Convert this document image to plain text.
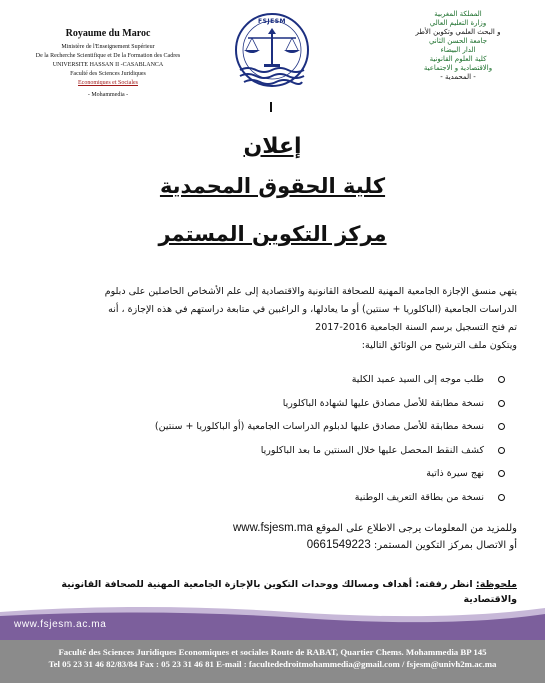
Royaume du Maroc
Ministère de l'Enseignement Supérieur
De la Recherche Scientifique et De la Formation des Cadres
UNIVERSITE HASSAN II -CASABLANCA
Faculté des Sciences Juridiques
Economiques et Sociales
- Mohammedia -
المملكة المغربية
وزارة التعليم العالي
و البحث العلمي وتكوين الأطر
جامعة الحسن الثاني
الدار البيضاء
كلية العلوم القانونية
والاقتصادية و الاجتماعية
- المحمدية -
FSJESM
إعلان
كلية الحقوق المحمدية
مركز التكوين المستمر
يتهي منسق الإجازة الجامعية المهنية للصحافة القانونية والاقتصادية إلى علم الأشخاص الحاصلين على دبلوم
الدراسات الجامعية (الباكلوريا + سنتين) أو ما يعادلها، و الراغبين في متابعة دراستهم في هذه الإجازة ، أنه
تم فتح التسجيل برسم السنة الجامعية 2016-2017
ويتكون ملف الترشيح من الوثائق التالية:
طلب موجه إلى السيد عميد الكلية
نسخة مطابقة للأصل مصادق عليها لشهادة الباكلوريا
نسخة مطابقة للأصل مصادق عليها لدبلوم الدراسات الجامعية (أو الباكلوريا + سنتين)
كشف النقط المحصل عليها خلال السنتين ما بعد الباكلوريا
نهج سيرة ذاتية
نسخة من بطاقة التعريف الوطنية
وللمزيد من المعلومات يرجى الاطلاع على الموقع www.fsjesm.ma
أو الاتصال بمركز التكوين المستمر: 0661549223
ملحوظة: انظر رفقته: أهداف ومسالك ووحدات التكوين بالإجازة الجامعية المهنية للصحافة القانونية والاقتصادية
www.fsjesm.ac.ma
Faculté des Sciences Juridiques Economiques et sociales Route de RABAT, Quartier Chems. Mohammedia BP 145
Tel 05 23 31 46 82/83/84 Fax : 05 23 31 46 81 E-mail : facultededroitmohammedia@gmail.com / fsjesm@univh2m.ac.ma
